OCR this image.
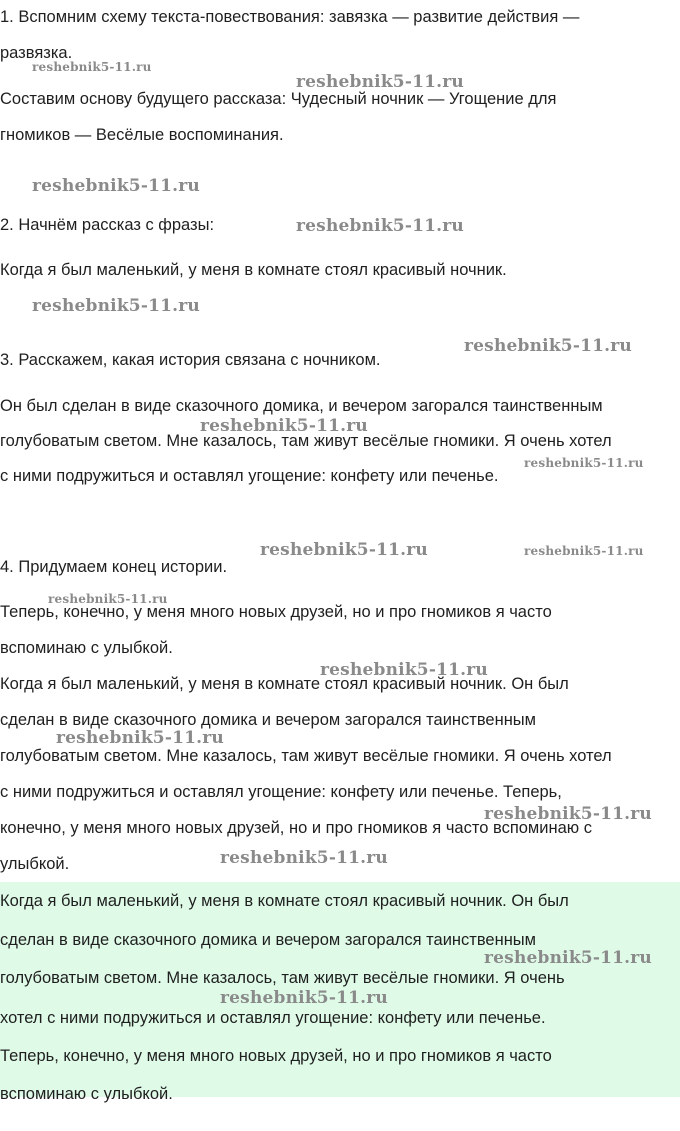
1. Вспомним схему текста-повествования: завязка — развитие действия —

развязка.

Составим основу будущего рассказа: Чудесный ночник — Угощение для

гномиков — Весёлые воспоминания.

2. Начнём рассказ с фразы:

Когда я был маленький, у меня в комнате стоял красивый ночник.

3. Расскажем, какая история связана с ночником.

Он был сделан в виде сказочного домика, и вечером загорался таинственным

голубоватым светом. Мне казалось, там живут весёлые гномики. Я очень хотел

с ними подружиться и оставлял угощение: конфету или печенье.

4. Придумаем конец истории.

Теперь, конечно, у меня много новых друзей, но и про гномиков я часто

вспоминаю с улыбкой.

Когда я был маленький, у меня в комнате стоял красивый ночник. Он был

сделан в виде сказочного домика и вечером загорался таинственным

голубоватым светом. Мне казалось, там живут весёлые гномики. Я очень хотел

с ними подружиться и оставлял угощение: конфету или печенье. Теперь,

конечно, у меня много новых друзей, но и про гномиков я часто вспоминаю с

улыбкой.

Когда я был маленький, у меня в комнате стоял красивый ночник. Он был

сделан в виде сказочного домика и вечером загорался таинственным

голубоватым светом. Мне казалось, там живут весёлые гномики. Я очень

хотел с ними подружиться и оставлял угощение: конфету или печенье.

Теперь, конечно, у меня много новых друзей, но и про гномиков я часто

вспоминаю с улыбкой.

reshebnik5-11.ru
reshebnik5-11.ru
reshebnik5-11.ru
reshebnik5-11.ru
reshebnik5-11.ru
reshebnik5-11.ru
reshebnik5-11.ru
reshebnik5-11.ru	reshebnik5-11.ru
reshebnik5-11.ru
reshebnik5-11.ru
reshebnik5-11.ru
reshebnik5-11.ru
reshebnik5-11.ru
reshebnik5-11.ru
reshebnik5-11.ru
reshebnik5-11.ru
